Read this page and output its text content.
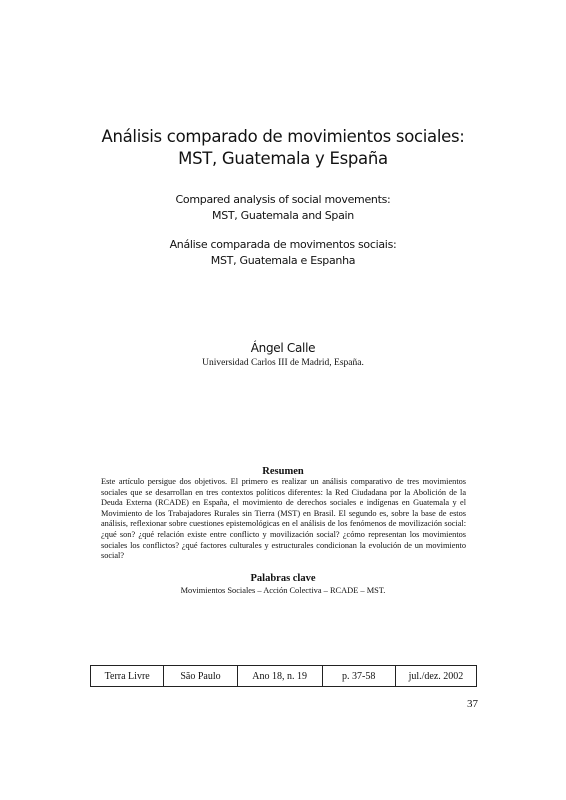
Análisis comparado de movimientos sociales:
MST, Guatemala y España
Compared analysis of social movements:
MST, Guatemala and Spain
Análise comparada de movimentos sociais:
MST, Guatemala e Espanha
Ángel Calle
Universidad Carlos III de Madrid, España.
Resumen
Este artículo persigue dos objetivos. El primero es realizar un análisis comparativo de tres movimientos sociales que se desarrollan en tres contextos políticos diferentes: la Red Ciudadana por la Abolición de la Deuda Externa (RCADE) en España, el movimiento de derechos sociales e indígenas en Guatemala y el Movimiento de los Trabajadores Rurales sin Tierra (MST) en Brasil. El segundo es, sobre la base de estos análisis, reflexionar sobre cuestiones epistemológicas en el análisis de los fenómenos de movilización social: ¿qué son? ¿qué relación existe entre conflicto y movilización social? ¿cómo representan los movimientos sociales los conflictos? ¿qué factores culturales y estructurales condicionan la evolución de un movimiento social?
Palabras clave
Movimientos Sociales – Acción Colectiva – RCADE – MST.
Terra Livre	São Paulo	Ano 18, n. 19	p. 37-58	jul./dez. 2002
37
